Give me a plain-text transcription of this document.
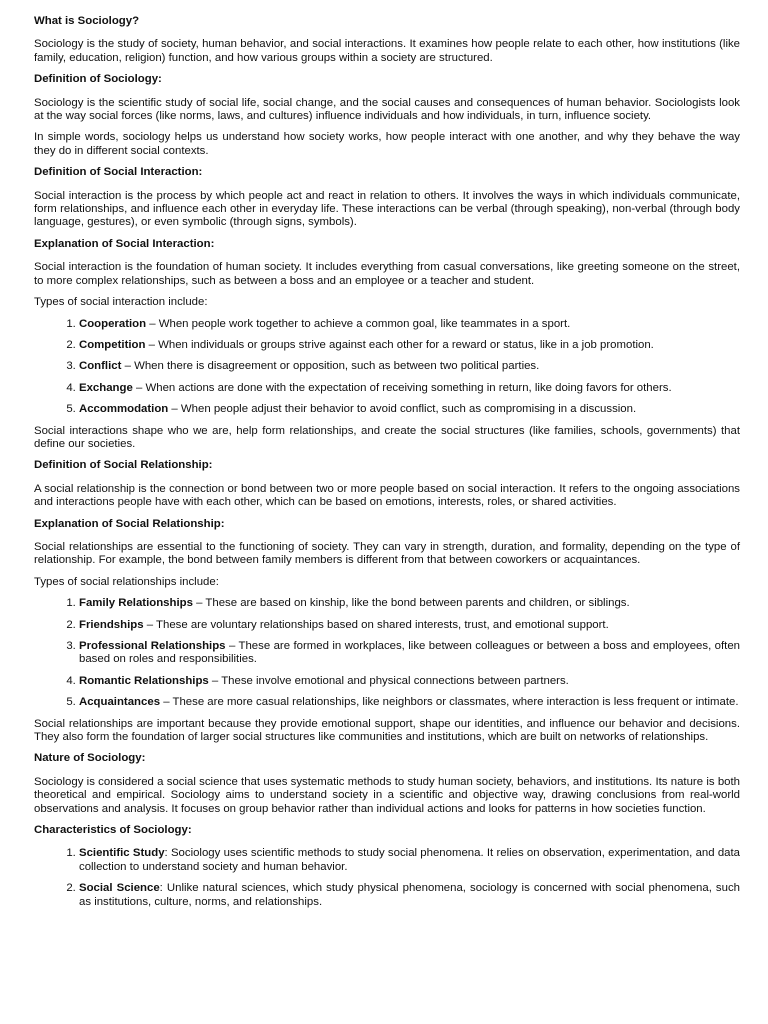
What is Sociology?

Sociology is the study of society, human behavior, and social interactions. It examines how people relate to each other, how institutions (like family, education, religion) function, and how various groups within a society are structured.

Definition of Sociology:

Sociology is the scientific study of social life, social change, and the social causes and consequences of human behavior. Sociologists look at the way social forces (like norms, laws, and cultures) influence individuals and how individuals, in turn, influence society.

In simple words, sociology helps us understand how society works, how people interact with one another, and why they behave the way they do in different social contexts.

Definition of Social Interaction:

Social interaction is the process by which people act and react in relation to others. It involves the ways in which individuals communicate, form relationships, and influence each other in everyday life. These interactions can be verbal (through speaking), non-verbal (through body language, gestures), or even symbolic (through signs, symbols).

Explanation of Social Interaction:

Social interaction is the foundation of human society. It includes everything from casual conversations, like greeting someone on the street, to more complex relationships, such as between a boss and an employee or a teacher and student.

Types of social interaction include:

1. Cooperation – When people work together to achieve a common goal, like teammates in a sport.
2. Competition – When individuals or groups strive against each other for a reward or status, like in a job promotion.
3. Conflict – When there is disagreement or opposition, such as between two political parties.
4. Exchange – When actions are done with the expectation of receiving something in return, like doing favors for others.
5. Accommodation – When people adjust their behavior to avoid conflict, such as compromising in a discussion.

Social interactions shape who we are, help form relationships, and create the social structures (like families, schools, governments) that define our societies.

Definition of Social Relationship:

A social relationship is the connection or bond between two or more people based on social interaction. It refers to the ongoing associations and interactions people have with each other, which can be based on emotions, interests, roles, or shared activities.

Explanation of Social Relationship:

Social relationships are essential to the functioning of society. They can vary in strength, duration, and formality, depending on the type of relationship. For example, the bond between family members is different from that between coworkers or acquaintances.

Types of social relationships include:

1. Family Relationships – These are based on kinship, like the bond between parents and children, or siblings.
2. Friendships – These are voluntary relationships based on shared interests, trust, and emotional support.
3. Professional Relationships – These are formed in workplaces, like between colleagues or between a boss and employees, often based on roles and responsibilities.
4. Romantic Relationships – These involve emotional and physical connections between partners.
5. Acquaintances – These are more casual relationships, like neighbors or classmates, where interaction is less frequent or intimate.

Social relationships are important because they provide emotional support, shape our identities, and influence our behavior and decisions. They also form the foundation of larger social structures like communities and institutions, which are built on networks of relationships.

Nature of Sociology:

Sociology is considered a social science that uses systematic methods to study human society, behaviors, and institutions. Its nature is both theoretical and empirical. Sociology aims to understand society in a scientific and objective way, drawing conclusions from real-world observations and analysis. It focuses on group behavior rather than individual actions and looks for patterns in how societies function.

Characteristics of Sociology:
1. Scientific Study: Sociology uses scientific methods to study social phenomena. It relies on observation, experimentation, and data collection to understand society and human behavior.
2. Social Science: Unlike natural sciences, which study physical phenomena, sociology is concerned with social phenomena, such as institutions, culture, norms, and relationships.
